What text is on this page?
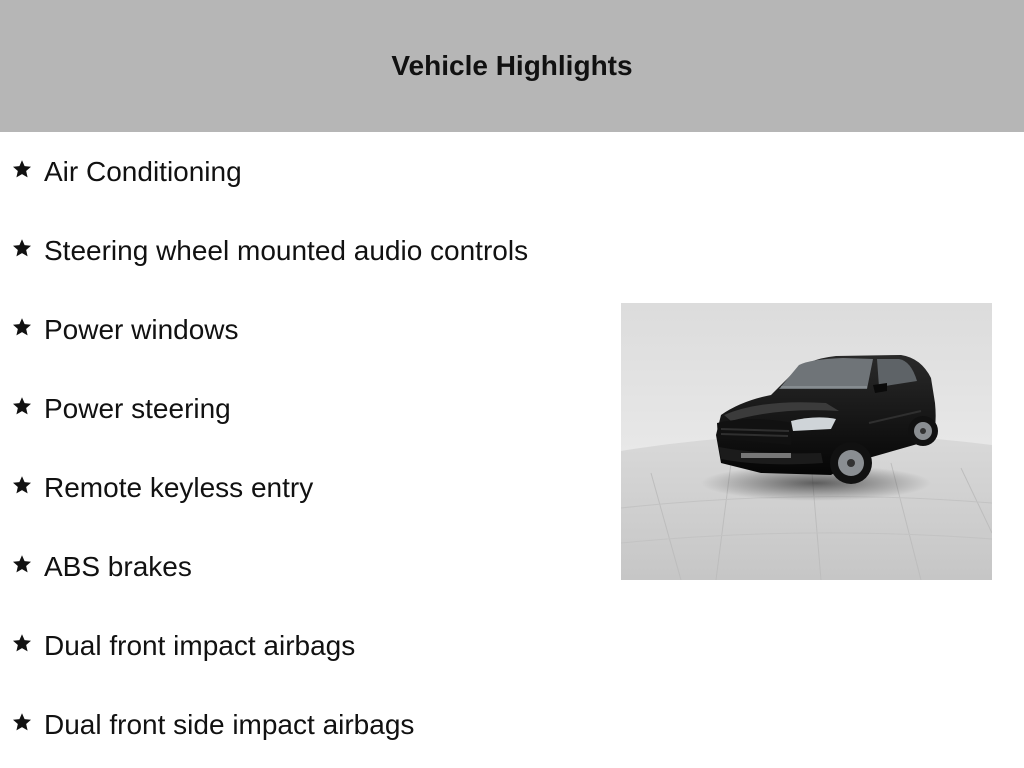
Vehicle Highlights
Air Conditioning
Steering wheel mounted audio controls
Power windows
Power steering
Remote keyless entry
ABS brakes
Dual front impact airbags
Dual front side impact airbags
